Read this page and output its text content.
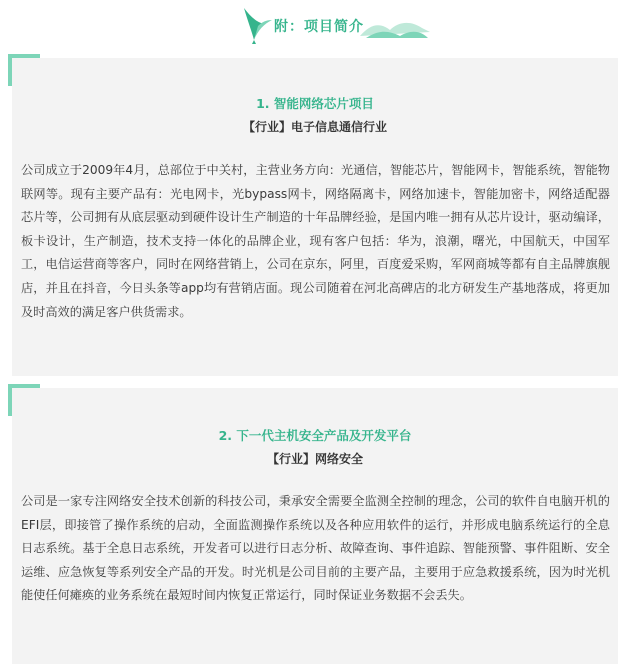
附：项目简介

1. 智能网络芯片项目

【行业】电子信息通信行业

公司成立于2009年4月，总部位于中关村，主营业务方向：光通信，智能芯片，智能网卡，智能系统，智能物联网等。现有主要产品有：光电网卡，光bypass网卡，网络隔离卡，网络加速卡，智能加密卡，网络适配器芯片等，公司拥有从底层驱动到硬件设计生产制造的十年品牌经验，是国内唯一拥有从芯片设计，驱动编译，板卡设计，生产制造，技术支持一体化的品牌企业，现有客户包括：华为，浪潮，曙光，中国航天，中国军工，电信运营商等客户，同时在网络营销上，公司在京东，阿里，百度爱采购，军网商城等都有自主品牌旗舰店，并且在抖音，今日头条等app均有营销店面。现公司随着在河北高碑店的北方研发生产基地落成，将更加及时高效的满足客户供货需求。

2. 下一代主机安全产品及开发平台

【行业】网络安全

公司是一家专注网络安全技术创新的科技公司，秉承安全需要全监测全控制的理念，公司的软件自电脑开机的EFI层，即接管了操作系统的启动，全面监测操作系统以及各种应用软件的运行，并形成电脑系统运行的全息日志系统。基于全息日志系统，开发者可以进行日志分析、故障查询、事件追踪、智能预警、事件阻断、安全运维、应急恢复等系列安全产品的开发。时光机是公司目前的主要产品，主要用于应急救援系统，因为时光机能使任何瘫痪的业务系统在最短时间内恢复正常运行，同时保证业务数据不会丢失。
